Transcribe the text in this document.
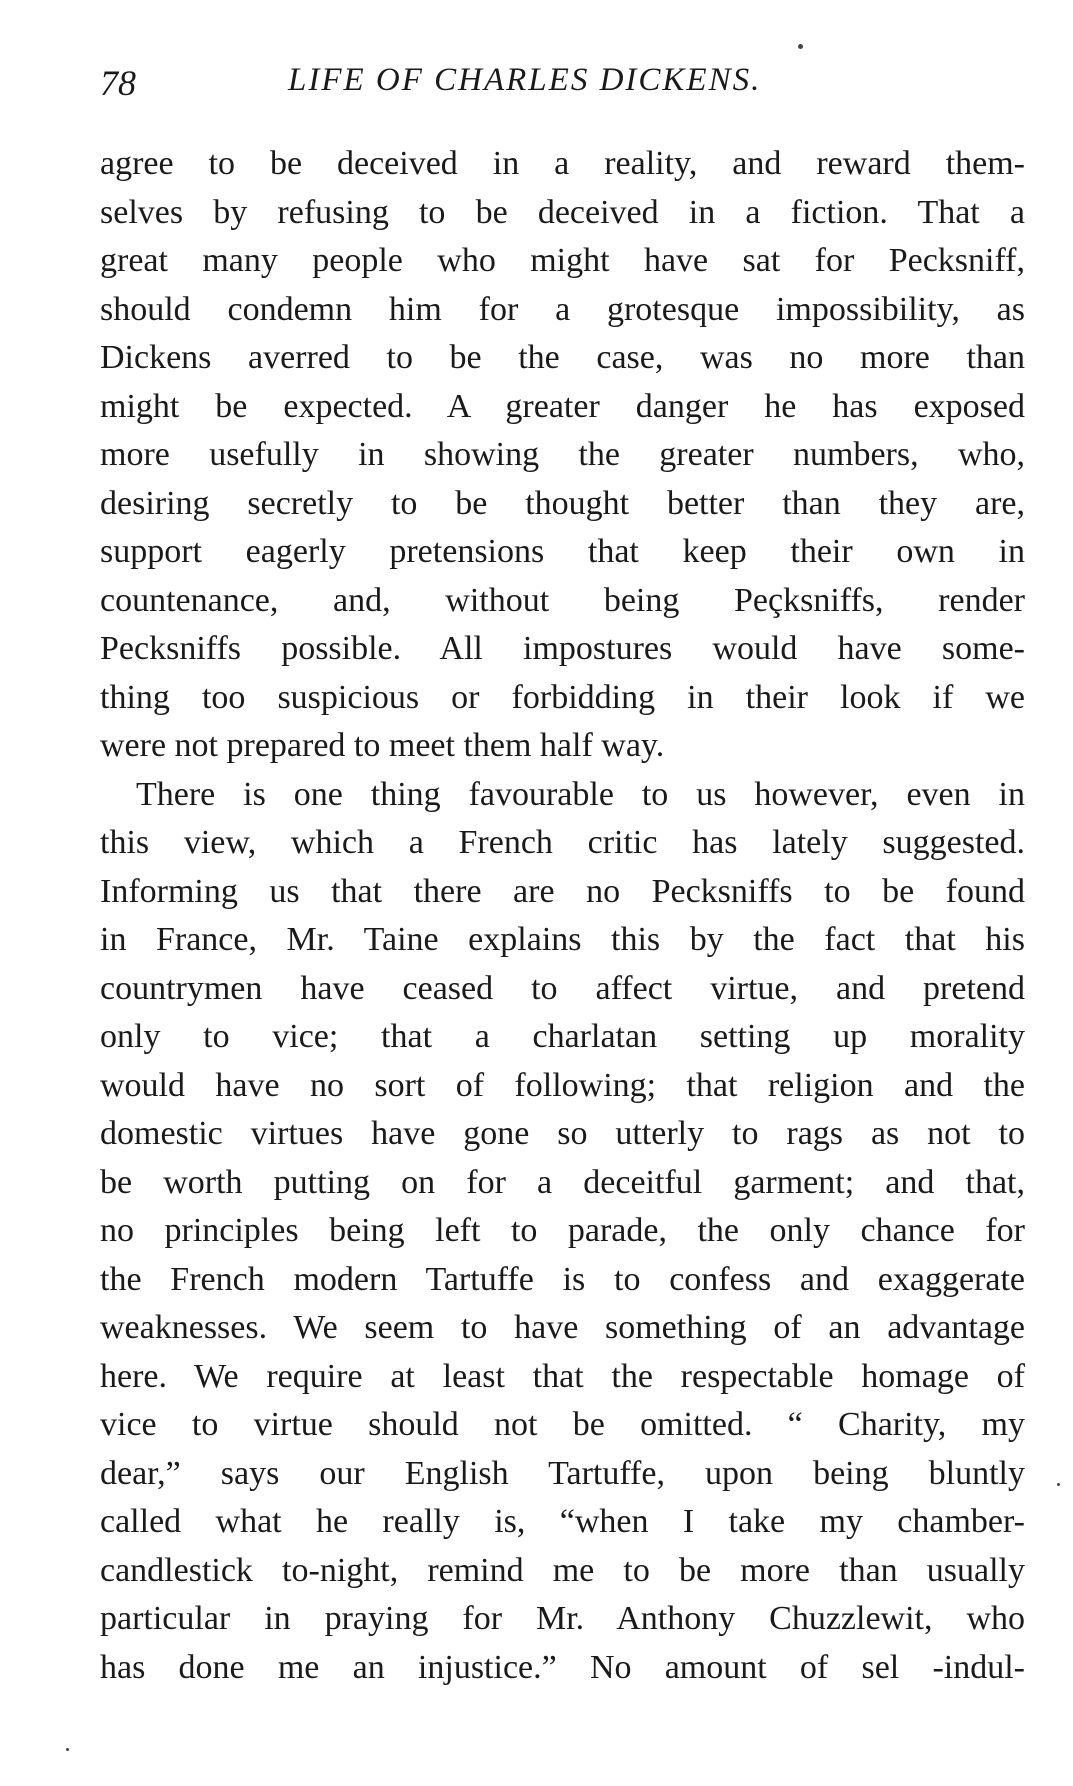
78	LIFE OF CHARLES DICKENS.
agree to be deceived in a reality, and reward them-
selves by refusing to be deceived in a fiction. That a
great many people who might have sat for Pecksniff,
should condemn him for a grotesque impossibility, as
Dickens averred to be the case, was no more than
might be expected. A greater danger he has exposed
more usefully in showing the greater numbers, who,
desiring secretly to be thought better than they are,
support eagerly pretensions that keep their own in
countenance, and, without being Peçksniffs, render
Pecksniffs possible. All impostures would have some-
thing too suspicious or forbidding in their look if we
were not prepared to meet them half way.
There is one thing favourable to us however, even in
this view, which a French critic has lately suggested.
Informing us that there are no Pecksniffs to be found
in France, Mr. Taine explains this by the fact that his
countrymen have ceased to affect virtue, and pretend
only to vice; that a charlatan setting up morality
would have no sort of following; that religion and the
domestic virtues have gone so utterly to rags as not to
be worth putting on for a deceitful garment; and that,
no principles being left to parade, the only chance for
the French modern Tartuffe is to confess and exaggerate
weaknesses. We seem to have something of an advantage
here. We require at least that the respectable homage of
vice to virtue should not be omitted. “ Charity, my
dear,” says our English Tartuffe, upon being bluntly
called what he really is, “when I take my chamber-
candlestick to-night, remind me to be more than usually
particular in praying for Mr. Anthony Chuzzlewit, who
has done me an injustice.” No amount of sel -indul-
